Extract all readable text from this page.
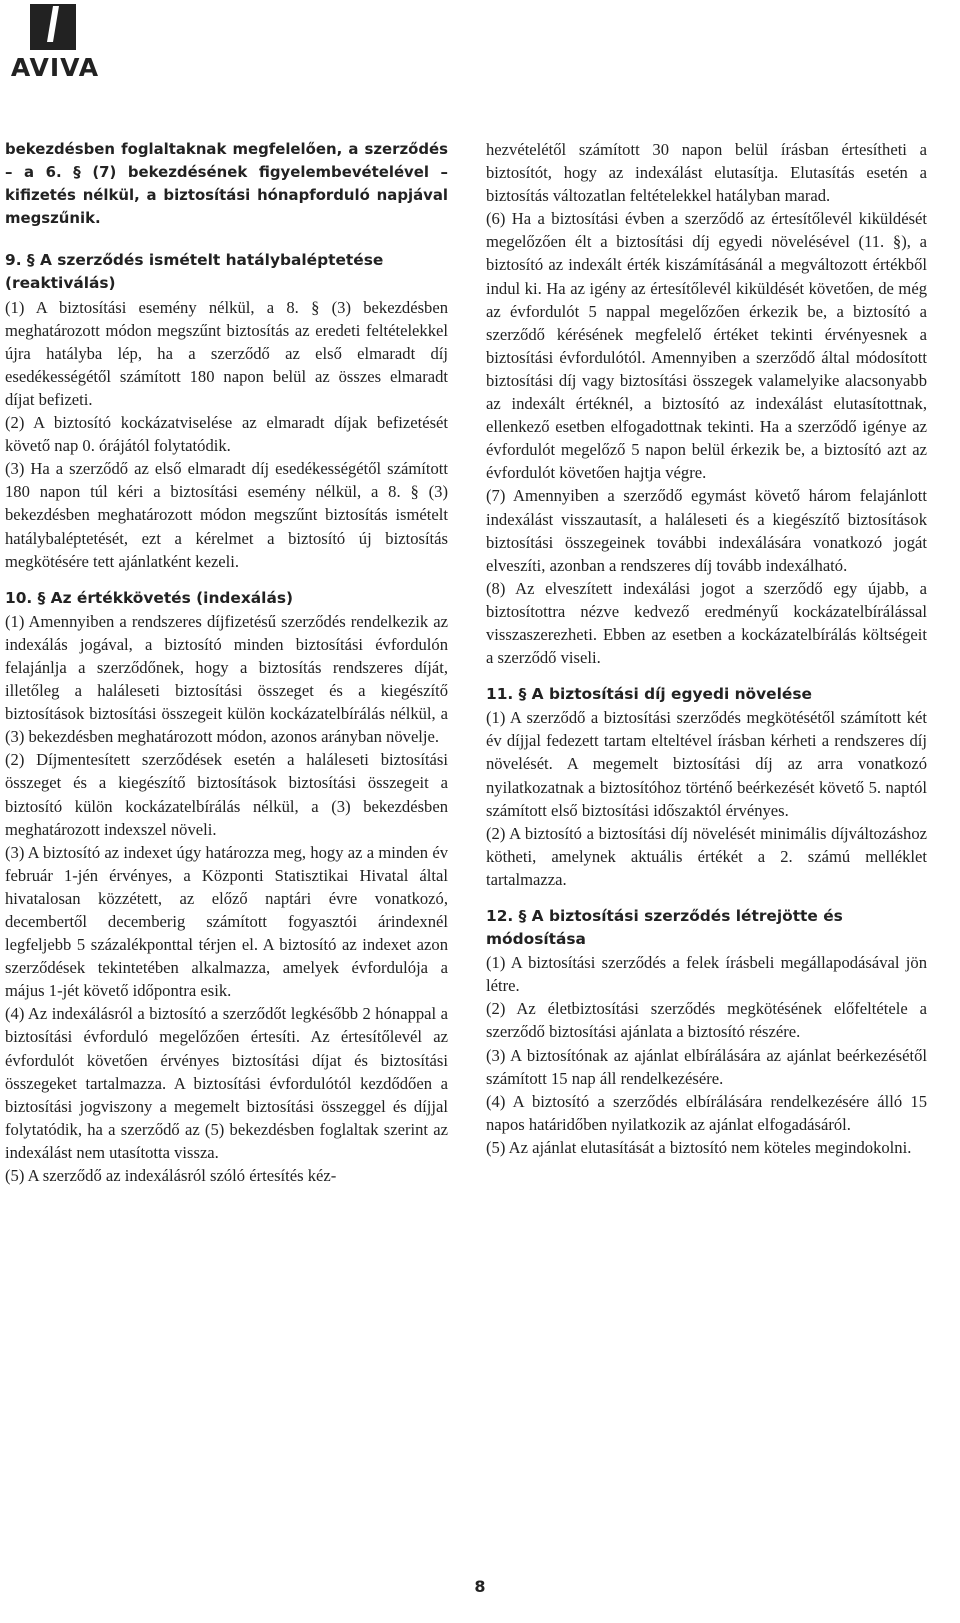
AVIVA

bekezdésben foglaltaknak megfelelően, a szerződés – a 6. § (7) bekezdésének figyelembevételével – kifizetés nélkül, a biztosítási hónapforduló napjával megszűnik.

9. § A szerződés ismételt hatálybaléptetése (reaktiválás)

(1) A biztosítási esemény nélkül, a 8. § (3) bekezdésben meghatározott módon megszűnt biztosítás az eredeti feltételekkel újra hatályba lép, ha a szerződő az első elmaradt díj esedékességétől számított 180 napon belül az összes elmaradt díjat befizeti.

(2) A biztosító kockázatviselése az elmaradt díjak befizetését követő nap 0. órájától folytatódik.

(3) Ha a szerződő az első elmaradt díj esedékességétől számított 180 napon túl kéri a biztosítási esemény nélkül, a 8. § (3) bekezdésben meghatározott módon megszűnt biztosítás ismételt hatálybaléptetését, ezt a kérelmet a biztosító új biztosítás megkötésére tett ajánlatként kezeli.

10. § Az értékkövetés (indexálás)

(1) Amennyiben a rendszeres díjfizetésű szerződés rendelkezik az indexálás jogával, a biztosító minden biztosítási évfordulón felajánlja a szerződőnek, hogy a biztosítás rendszeres díját, illetőleg a haláleseti biztosítási összeget és a kiegészítő biztosítások biztosítási összegeit külön kockázatelbírálás nélkül, a (3) bekezdésben meghatározott módon, azonos arányban növelje.

(2) Díjmentesített szerződések esetén a haláleseti biztosítási összeget és a kiegészítő biztosítások biztosítási összegeit a biztosító külön kockázatelbírálás nélkül, a (3) bekezdésben meghatározott indexszel növeli.

(3) A biztosító az indexet úgy határozza meg, hogy az a minden év február 1-jén érvényes, a Központi Statisztikai Hivatal által hivatalosan közzétett, az előző naptári évre vonatkozó, decembertől decemberig számított fogyasztói árindexnél legfeljebb 5 százalékponttal térjen el. A biztosító az indexet azon szerződések tekintetében alkalmazza, amelyek évfordulója a május 1-jét követő időpontra esik.

(4) Az indexálásról a biztosító a szerződőt legkésőbb 2 hónappal a biztosítási évforduló megelőzően értesíti. Az értesítőlevél az évfordulót követően érvényes biztosítási díjat és biztosítási összegeket tartalmazza. A biztosítási évfordulótól kezdődően a biztosítási jogviszony a megemelt biztosítási összeggel és díjjal folytatódik, ha a szerződő az (5) bekezdésben foglaltak szerint az indexálást nem utasította vissza.

(5) A szerződő az indexálásról szóló értesítés kéz-

hezvételétől számított 30 napon belül írásban értesítheti a biztosítót, hogy az indexálást elutasítja. Elutasítás esetén a biztosítás változatlan feltételekkel hatályban marad.

(6) Ha a biztosítási évben a szerződő az értesítőlevél kiküldését megelőzően élt a biztosítási díj egyedi növelésével (11. §), a biztosító az indexált érték kiszámításánál a megváltozott értékből indul ki. Ha az igény az értesítőlevél kiküldését követően, de még az évfordulót 5 nappal megelőzően érkezik be, a biztosító a szerződő kérésének megfelelő értéket tekinti érvényesnek a biztosítási évfordulótól. Amennyiben a szerződő által módosított biztosítási díj vagy biztosítási összegek valamelyike alacsonyabb az indexált értéknél, a biztosító az indexálást elutasítottnak, ellenkező esetben elfogadottnak tekinti. Ha a szerződő igénye az évfordulót megelőző 5 napon belül érkezik be, a biztosító azt az évfordulót követően hajtja végre.

(7) Amennyiben a szerződő egymást követő három felajánlott indexálást visszautasít, a haláleseti és a kiegészítő biztosítások biztosítási összegeinek további indexálására vonatkozó jogát elveszíti, azonban a rendszeres díj tovább indexálható.

(8) Az elveszített indexálási jogot a szerződő egy újabb, a biztosítottra nézve kedvező eredményű kockázatelbírálással visszaszerezheti. Ebben az esetben a kockázatelbírálás költségeit a szerződő viseli.

11. § A biztosítási díj egyedi növelése

(1) A szerződő a biztosítási szerződés megkötésétől számított két év díjjal fedezett tartam elteltével írásban kérheti a rendszeres díj növelését. A megemelt biztosítási díj az arra vonatkozó nyilatkozatnak a biztosítóhoz történő beérkezését követő 5. naptól számított első biztosítási időszaktól érvényes.

(2) A biztosító a biztosítási díj növelését minimális díjváltozáshoz kötheti, amelynek aktuális értékét a 2. számú melléklet tartalmazza.

12. § A biztosítási szerződés létrejötte és módosítása

(1) A biztosítási szerződés a felek írásbeli megállapodásával jön létre.

(2) Az életbiztosítási szerződés megkötésének előfeltétele a szerződő biztosítási ajánlata a biztosító részére.

(3) A biztosítónak az ajánlat elbírálására az ajánlat beérkezésétől számított 15 nap áll rendelkezésére.

(4) A biztosító a szerződés elbírálására rendelkezésére álló 15 napos határidőben nyilatkozik az ajánlat elfogadásáról.

(5) Az ajánlat elutasítását a biztosító nem köteles megindokolni.

8
